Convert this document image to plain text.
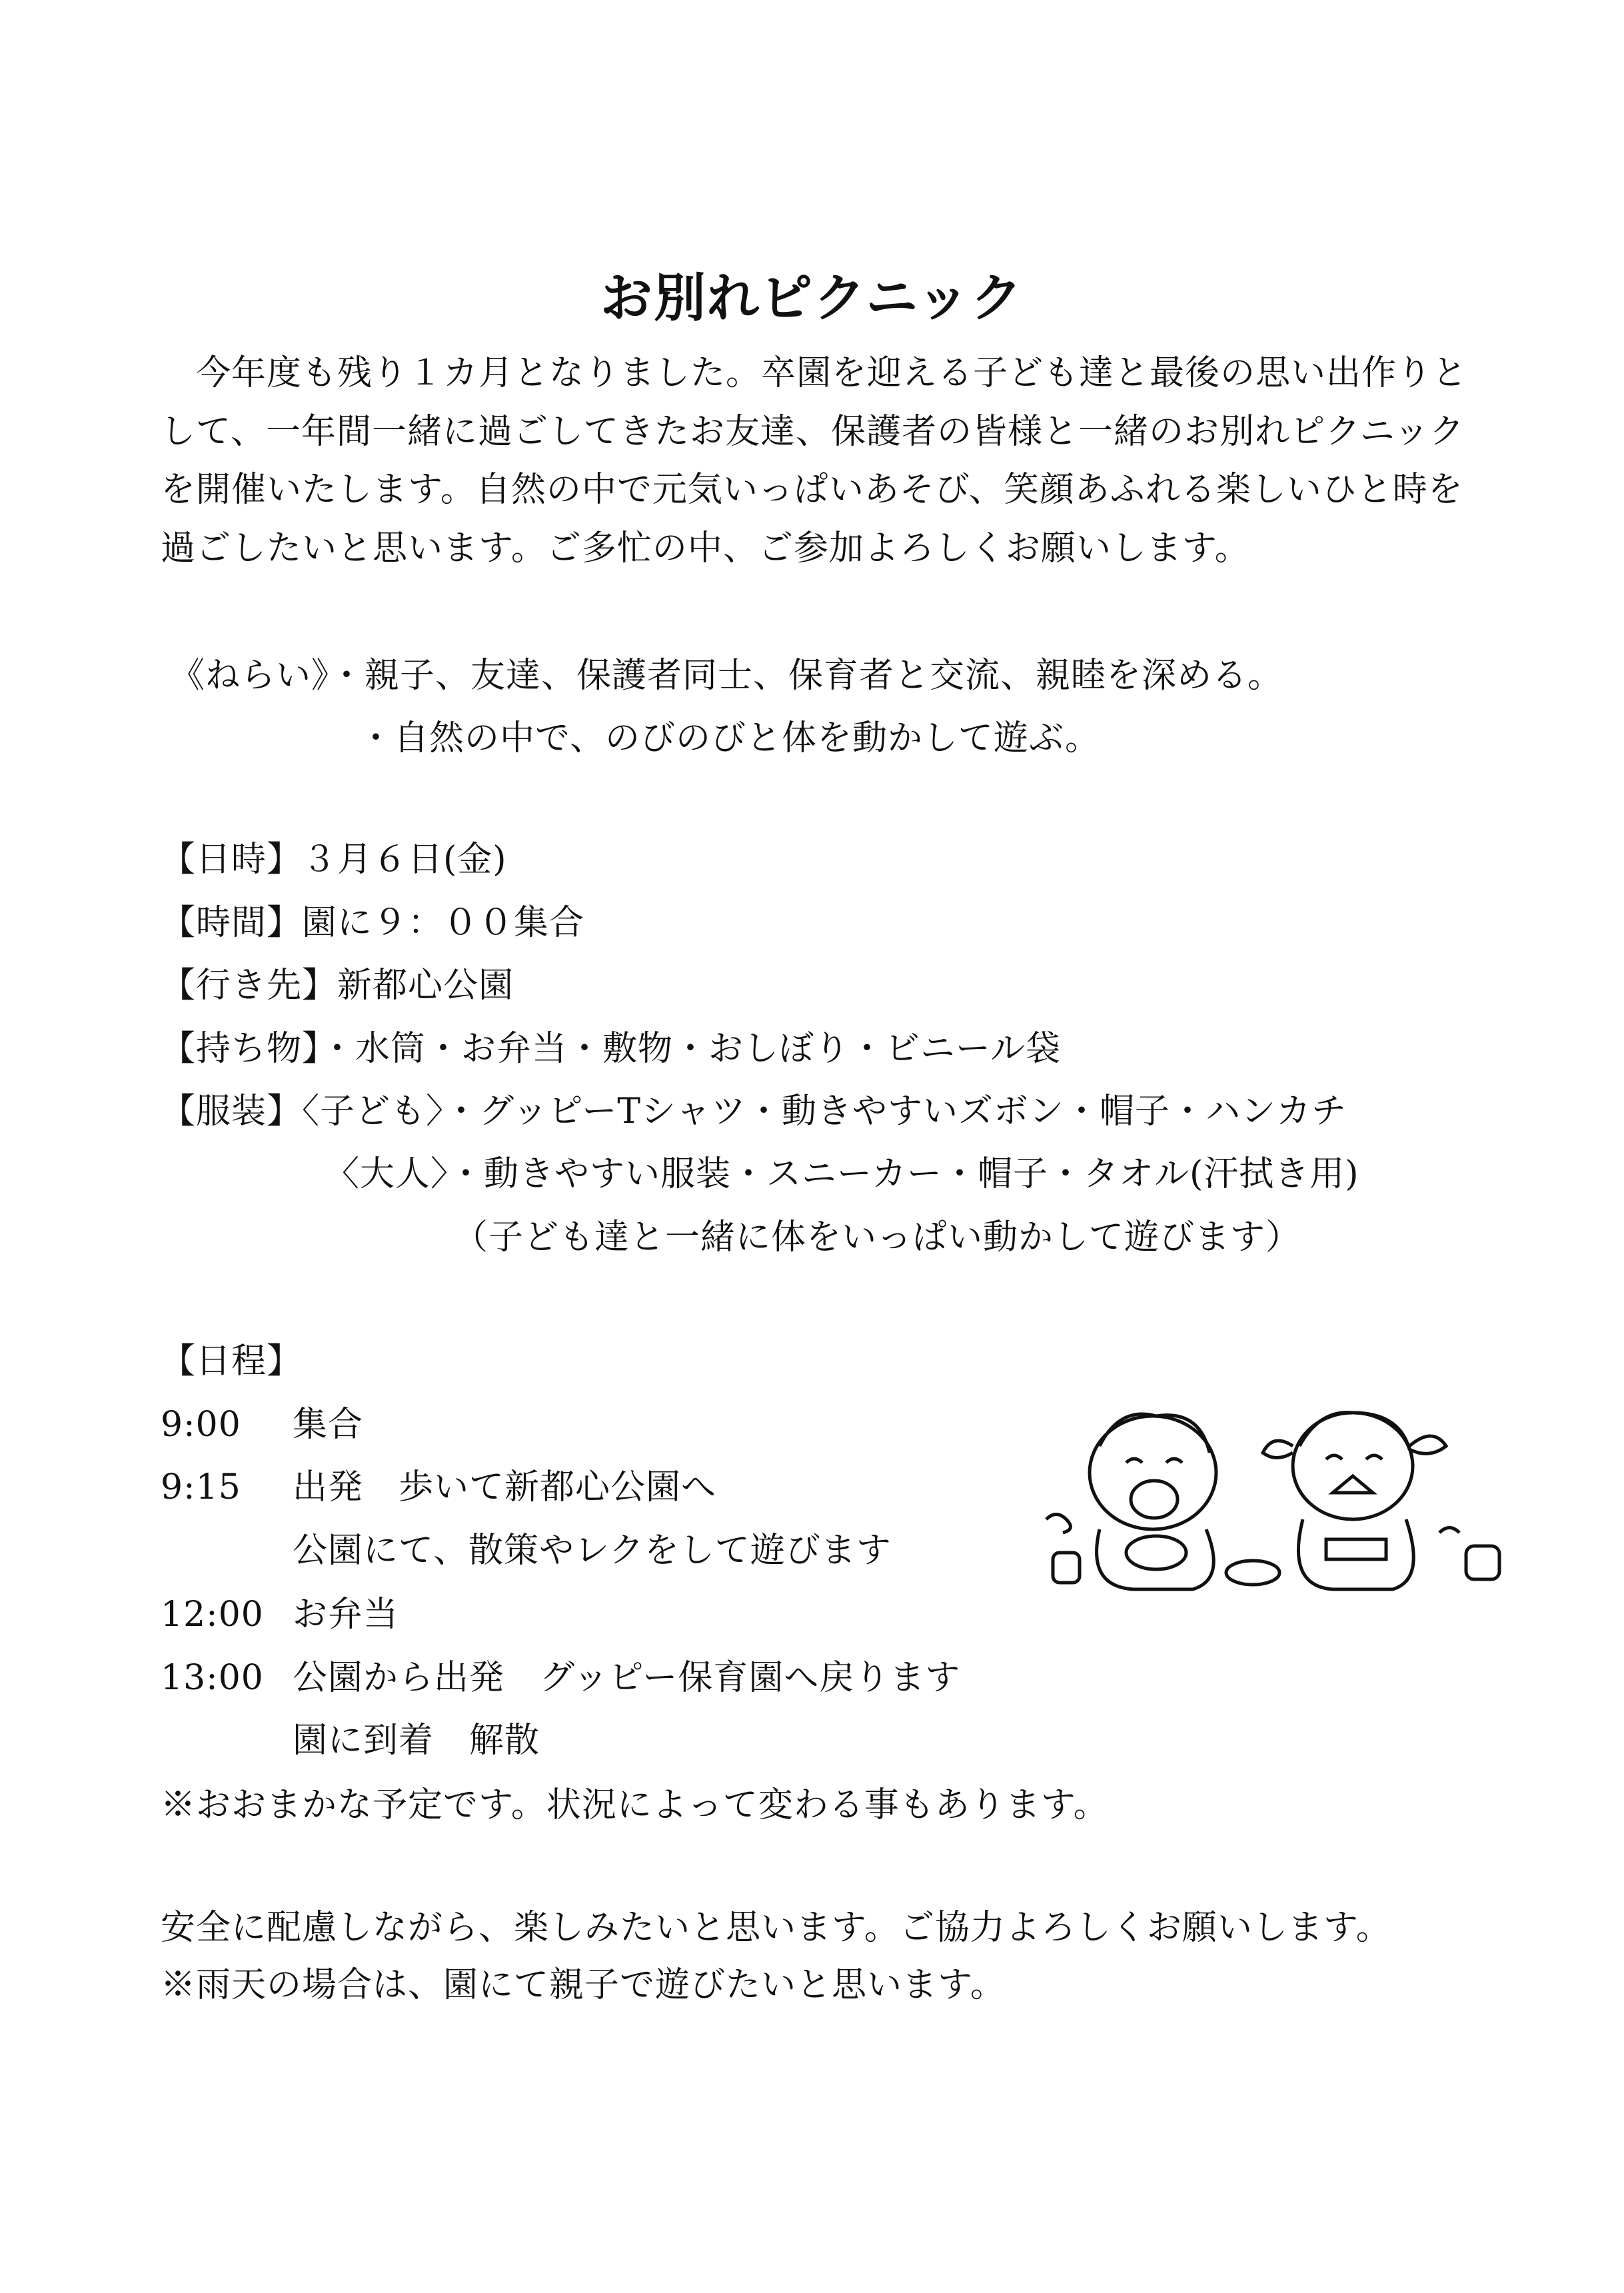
お別れピクニック
　今年度も残り１カ月となりました。卒園を迎える子ども達と最後の思い出作りと
して、一年間一緒に過ごしてきたお友達、保護者の皆様と一緒のお別れピクニック
を開催いたします。自然の中で元気いっぱいあそび、笑顔あふれる楽しいひと時を
過ごしたいと思います。ご多忙の中、ご参加よろしくお願いします。
《ねらい》・親子、友達、保護者同士、保育者と交流、親睦を深める。
・自然の中で、のびのびと体を動かして遊ぶ。
【日時】３月６日(金)
【時間】園に９：００集合
【行き先】新都心公園
【持ち物】・水筒・お弁当・敷物・おしぼり・ビニール袋
【服装】〈子ども〉・グッピーTシャツ・動きやすいズボン・帽子・ハンカチ
〈大人〉・動きやすい服装・スニーカー・帽子・タオル(汗拭き用)
（子ども達と一緒に体をいっぱい動かして遊びます）
【日程】
9:00 集合
9:15 出発　歩いて新都心公園へ
公園にて、散策やレクをして遊びます
12:00 お弁当
13:00 公園から出発　グッピー保育園へ戻ります
園に到着　解散
※おおまかな予定です。状況によって変わる事もあります。
安全に配慮しながら、楽しみたいと思います。ご協力よろしくお願いします。
※雨天の場合は、園にて親子で遊びたいと思います。
